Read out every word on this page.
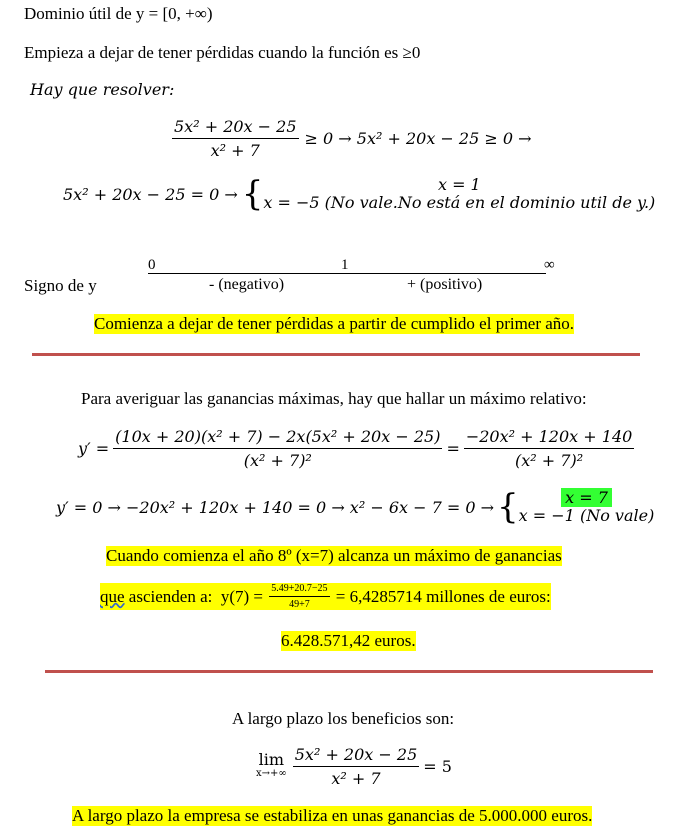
Dominio útil de y = [0, +∞)
Empieza a dejar de tener pérdidas cuando la función es ≥0
Hay que resolver:
$\frac{\text{5x² + 20x − 25}}{\text{x² + 7}} \ge 0 \to 5x^2 + 20x - 25 \ge 0$ →
5x² + 20x − 25 = 0 → {	x = 1
x = −5 (No vale.No está en el dominio util de y.)
Signo de y
0	1	∞
- (negativo)	+ (positivo)
Comienza a dejar de tener pérdidas a partir de cumplido el primer año.
Para averiguar las ganancias máximas, hay que hallar un máximo relativo:
$y' = \frac{\text{(10x + 20)(x² + 7) − 2x(5x² + 20x − 25)}}{\text{(x² + 7)²}} = \frac{\text{−20x² + 120x + 140}}{\text{(x² + 7)²}}$
y′ = 0 → −20x² + 120x + 140 = 0 → x² − 6x − 7 = 0 → {	x = 7
x = −1 (No vale)
Cuando comienza el año 8º (x=7) alcanza un máximo de ganancias
que ascienden a:  $y(7) = \frac{5.49+20.7-25}{49+7} = 6,4285714$ millones de euros:
6.428.571,42 euros.
A largo plazo los beneficios son:
lim
$x\to+\infty \frac{\text{5x² + 20x − 25}}{\text{x² + 7}} = 5$
A largo plazo la empresa se estabiliza en unas ganancias de 5.000.000 euros.
